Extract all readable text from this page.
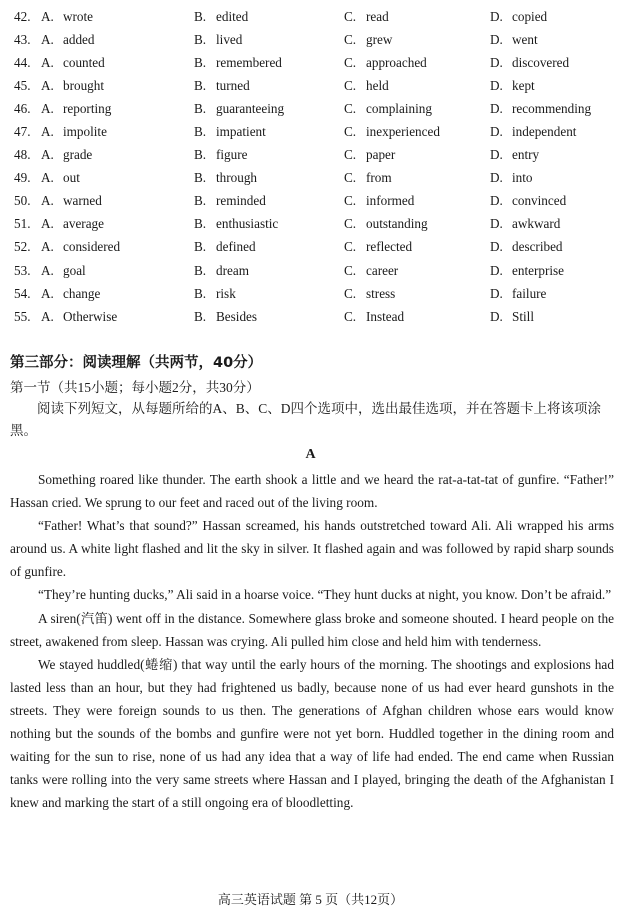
42. A. wrote	B. edited	C. read	D. copied
43. A. added	B. lived	C. grew	D. went
44. A. counted	B. remembered	C. approached	D. discovered
45. A. brought	B. turned	C. held	D. kept
46. A. reporting	B. guaranteeing	C. complaining	D. recommending
47. A. impolite	B. impatient	C. inexperienced	D. independent
48. A. grade	B. figure	C. paper	D. entry
49. A. out	B. through	C. from	D. into
50. A. warned	B. reminded	C. informed	D. convinced
51. A. average	B. enthusiastic	C. outstanding	D. awkward
52. A. considered	B. defined	C. reflected	D. described
53. A. goal	B. dream	C. career	D. enterprise
54. A. change	B. risk	C. stress	D. failure
55. A. Otherwise	B. Besides	C. Instead	D. Still
第三部分：阅读理解（共两节，40分）
第一节（共15小题；每小题2分，共30分）
阅读下列短文，从每题所给的A、B、C、D四个选项中，选出最佳选项，并在答题卡上将该项涂黑。
A

Something roared like thunder. The earth shook a little and we heard the rat-a-tat-tat of gunfire. “Father!” Hassan cried. We sprung to our feet and raced out of the living room.

“Father! What’s that sound?” Hassan screamed, his hands outstretched toward Ali. Ali wrapped his arms around us. A white light flashed and lit the sky in silver. It flashed again and was followed by rapid sharp sounds of gunfire.

“They’re hunting ducks,” Ali said in a hoarse voice. “They hunt ducks at night, you know. Don’t be afraid.”

A siren(汽笛) went off in the distance. Somewhere glass broke and someone shouted. I heard people on the street, awakened from sleep. Hassan was crying. Ali pulled him close and held him with tenderness.

We stayed huddled(蜷缩) that way until the early hours of the morning. The shootings and explosions had lasted less than an hour, but they had frightened us badly, because none of us had ever heard gunshots in the streets. They were foreign sounds to us then. The generations of Afghan children whose ears would know nothing but the sounds of the bombs and gunfire were not yet born. Huddled together in the dining room and waiting for the sun to rise, none of us had any idea that a way of life had ended. The end came when Russian tanks were rolling into the very same streets where Hassan and I played, bringing the death of the Afghanistan I knew and marking the start of a still ongoing era of bloodletting.

高三英语试题 第 5 页（共12页）
